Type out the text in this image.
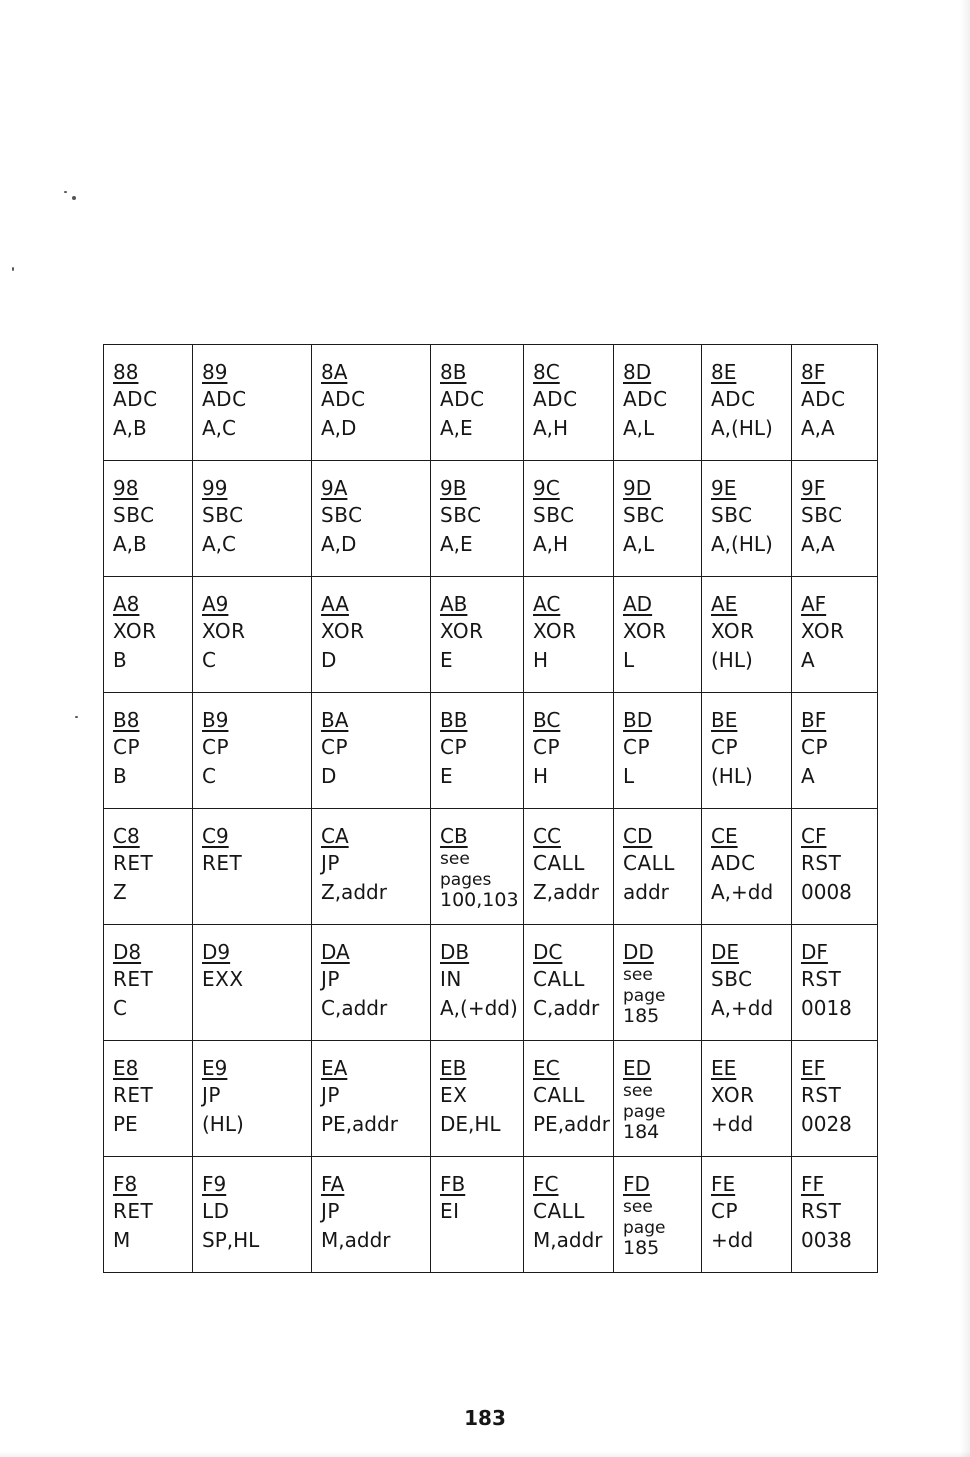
88
ADC
A,B	89
ADC
A,C	8A
ADC
A,D	8B
ADC
A,E	8C
ADC
A,H	8D
ADC
A,L	8E
ADC
A,(HL)	8F
ADC
A,A

98
SBC
A,B	99
SBC
A,C	9A
SBC
A,D	9B
SBC
A,E	9C
SBC
A,H	9D
SBC
A,L	9E
SBC
A,(HL)	9F
SBC
A,A

A8
XOR
B	A9
XOR
C	AA
XOR
D	AB
XOR
E	AC
XOR
H	AD
XOR
L	AE
XOR
(HL)	AF
XOR
A

B8
CP
B	B9
CP
C	BA
CP
D	BB
CP
E	BC
CP
H	BD
CP
L	BE
CP
(HL)	BF
CP
A

C8
RET
Z	C9
RET	CA
JP
Z,addr	CB
see
pages
100,103	CC
CALL
Z,addr	CD
CALL
addr	CE
ADC
A,+dd	CF
RST
0008

D8
RET
C	D9
EXX	DA
JP
C,addr	DB
IN
A,(+dd)	DC
CALL
C,addr	DD
see
page
185	DE
SBC
A,+dd	DF
RST
0018

E8
RET
PE	E9
JP
(HL)	EA
JP
PE,addr	EB
EX
DE,HL	EC
CALL
PE,addr	ED
see
page
184	EE
XOR
+dd	EF
RST
0028

F8
RET
M	F9
LD
SP,HL	FA
JP
M,addr	FB
EI	FC
CALL
M,addr	FD
see
page
185	FE
CP
+dd	FF
RST
0038
183
